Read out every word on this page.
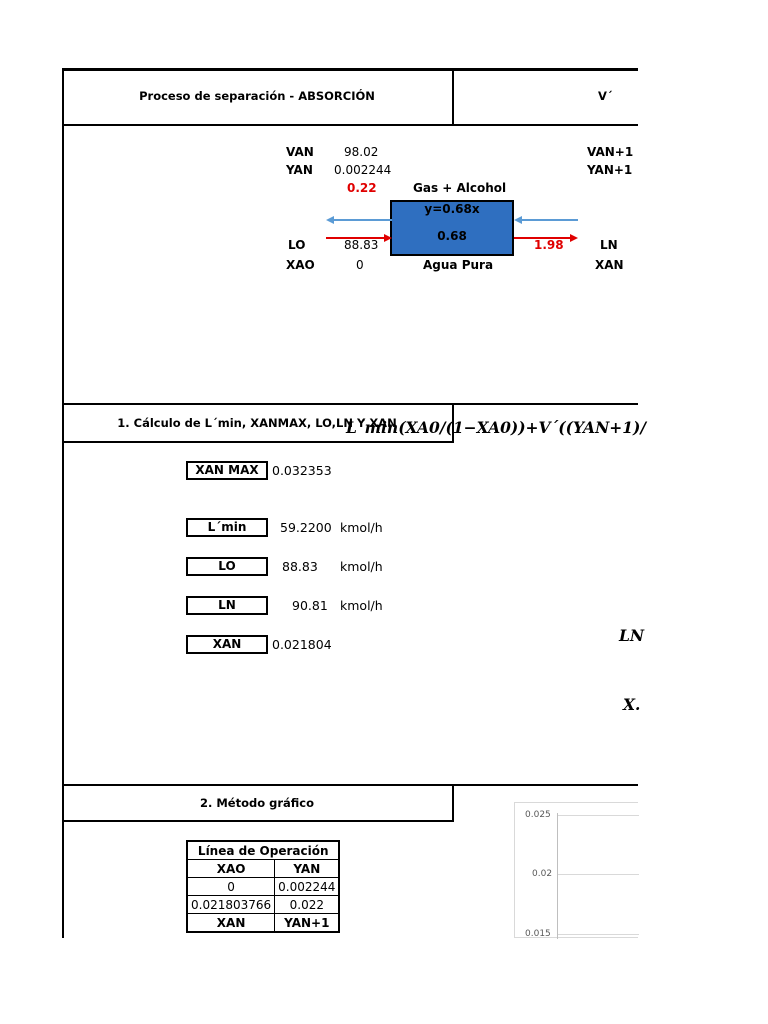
Proceso de separación - ABSORCIÓN	V´
VAN	98.02
YAN 0.002244
VAN+1
YAN+1
0.22	Gas + Alcohol
y=0.68x
0.68
LO	88.83
XAO	0
1.98	LN
XAN
Agua Pura
1. Cálculo de L´min, XANMAX, LO,LN Y XAN
L´min(XA0/(1−XA0))+V´((YAN+1)/
XAN MAX	0.032353
L´min	59.2200 kmol/h
LO	88.83 kmol/h
LN	90.81 kmol/h
XAN	0.021804	LN
X.
2. Método gráfico
Línea de Operación	
XAO	YAN
0	0.002244
0.021803766	0.022
XAN	YAN+1
0.025
0.02
0.015
